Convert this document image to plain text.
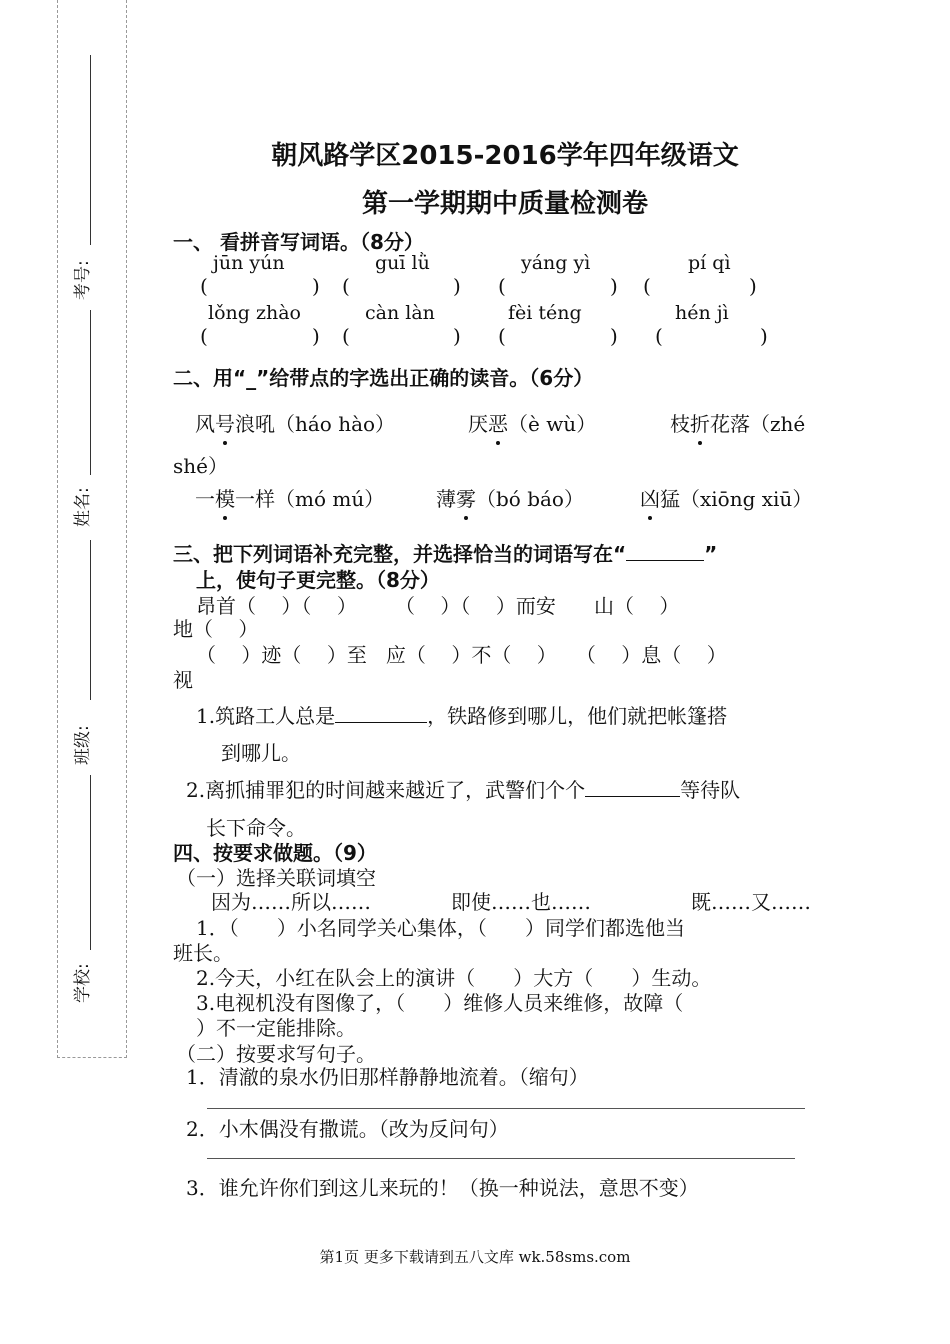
考号:
姓名:
班级:
学校:
朝风路学区2015-2016学年四年级语文
第一学期期中质量检测卷
一、 看拼音写词语。（8分）
jūn yún	guī lǜ	yáng yì	pí qì
(	) (	) (	) (	)
lǒng zhào	càn làn	fèi téng	hén jì
(	) (	) (	) (	)
二、用“_”给带点的字选出正确的读音。（6分）
风号浪吼（háo hào）	厌恶（è wù）	枝折花落（zhé
shé）
一模一样（mó mú）	薄雾（bó báo）	凶猛（xiōng xiū）
三、把下列词语补充完整，并选择恰当的词语写在“	”
上，使句子更完整。（8分）
昂首（    ）（    ）      （    ）（    ）而安      山（    ）
地（    ）
（    ）迹（    ）至   应（    ）不（    ）   （    ）息（    ）
视
1.筑路工人总是	，铁路修到哪儿，他们就把帐篷搭
到哪儿。
2.离抓捕罪犯的时间越来越近了，武警们个个	等待队
长下命令。
四、按要求做题。（9）
（一）选择关联词填空
因为……所以……	即使……也……	既……又……
1．（      ）小名同学关心集体，（      ）同学们都选他当
班长。
2.今天，小红在队会上的演讲（      ）大方（      ）生动。
3.电视机没有图像了，（      ）维修人员来维修，故障（
）不一定能排除。
（二）按要求写句子。
1．清澈的泉水仍旧那样静静地流着。（缩句）
2．小木偶没有撒谎。（改为反问句）
3．谁允许你们到这儿来玩的！（换一种说法，意思不变）
第1页 更多下载请到五八文库 wk.58sms.com
